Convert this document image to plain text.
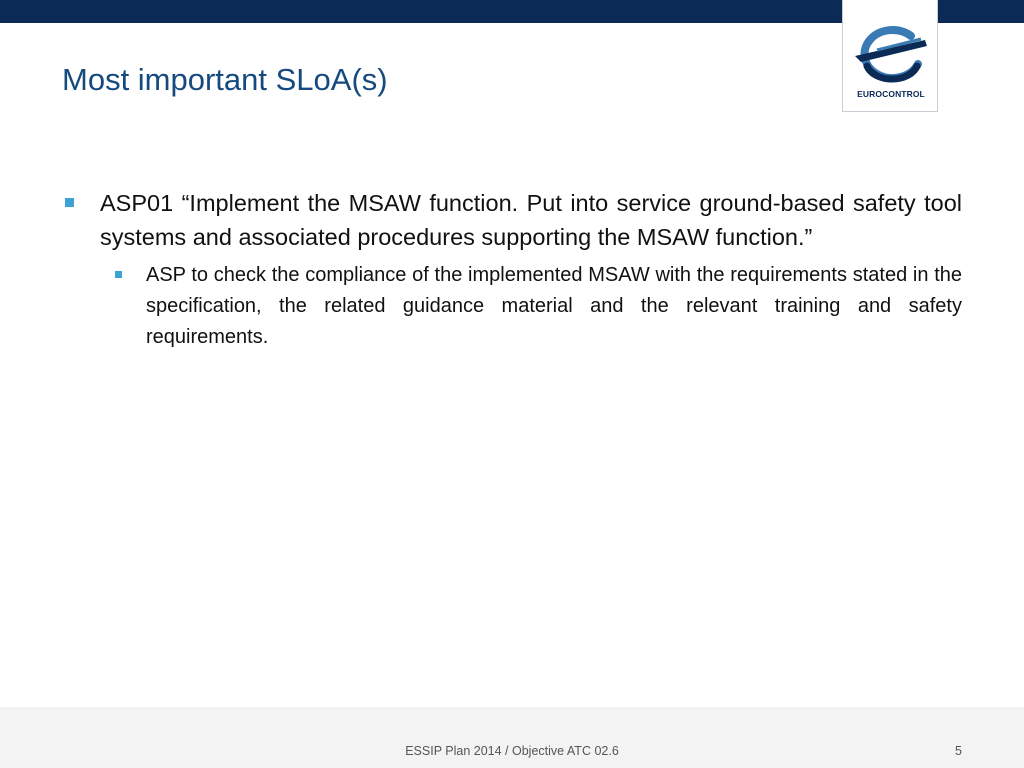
EUROCONTROL
Most important SLoA(s)
ASP01 “Implement the MSAW function. Put into service ground-based safety tool systems and associated procedures supporting the MSAW function.”
ASP to check the compliance of the implemented MSAW with the requirements stated in the specification, the related guidance material and the relevant training and safety requirements.
ESSIP Plan 2014 / Objective ATC 02.6	5
